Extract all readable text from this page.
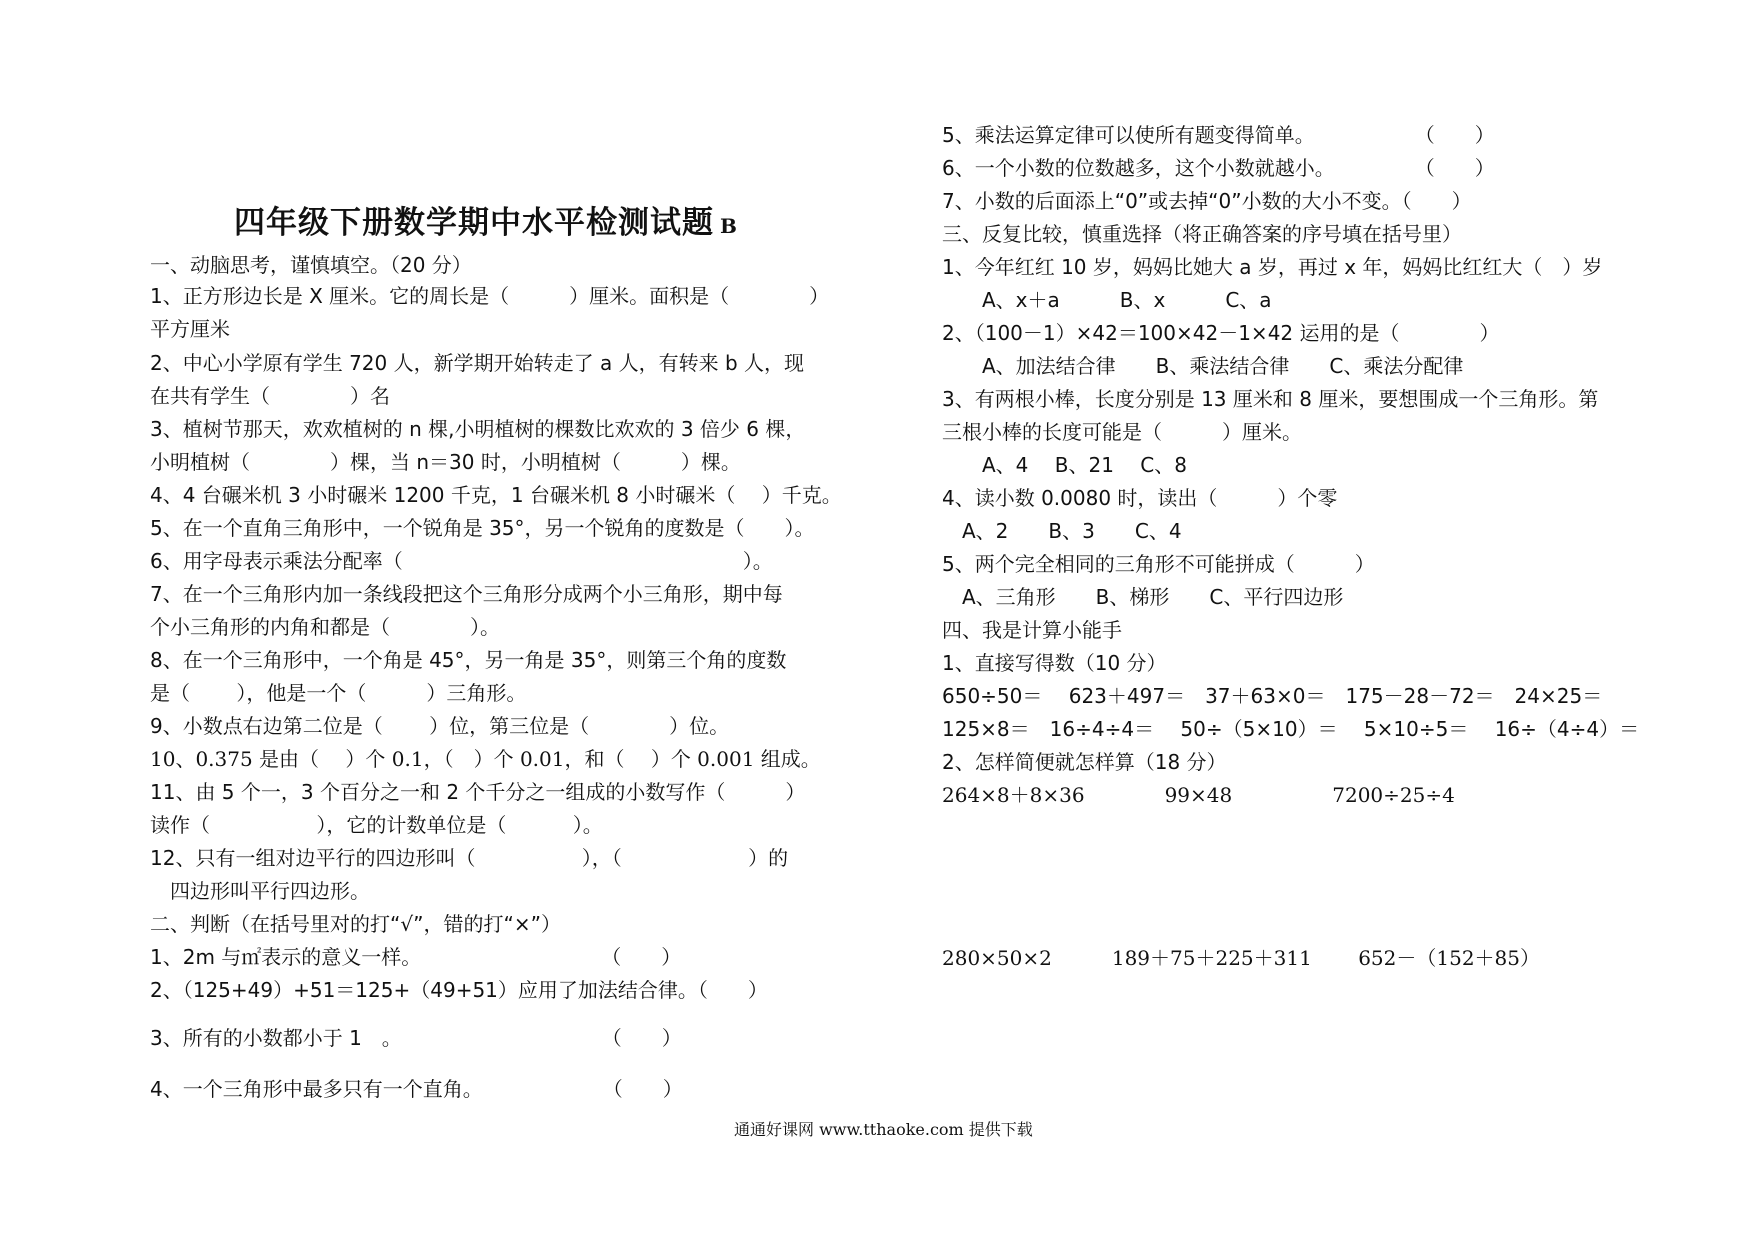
四年级下册数学期中水平检测试题 B
一、动脑思考，谨慎填空。（20 分）
1、正方形边长是 X 厘米。它的周长是（　　　）厘米。面积是（　　　　）
平方厘米
2、中心小学原有学生 720 人，新学期开始转走了 a 人，有转来 b 人，现
在共有学生（　　　　）名
3、植树节那天，欢欢植树的 n 棵,小明植树的棵数比欢欢的 3 倍少 6 棵，
小明植树（　　　　）棵，当 n＝30 时，小明植树（　　　）棵。
4、4 台碾米机 3 小时碾米 1200 千克，1 台碾米机 8 小时碾米（　 ）千克。
5、在一个直角三角形中，一个锐角是 35°，另一个锐角的度数是（　　）。
6、用字母表示乘法分配率（　　　　　　　　　　　　　　　　　）。
7、在一个三角形内加一条线段把这个三角形分成两个小三角形，期中每
个小三角形的内角和都是（　　　　）。
8、在一个三角形中，一个角是 45°，另一角是 35°，则第三个角的度数
是（　　 ），他是一个（　　　）三角形。
9、小数点右边第二位是（　　 ）位，第三位是（　　　　）位。
10、0.375 是由（　 ）个 0.1，（　）个 0.01，和（　 ）个 0.001 组成。
11、由 5 个一，3 个百分之一和 2 个千分之一组成的小数写作（　　　）
读作（　　　　　 ），它的计数单位是（　　　 ）。
12、只有一组对边平行的四边形叫（　　　　　 ），（　　　　　　 ）的
　四边形叫平行四边形。
二、判断（在括号里对的打“√”，错的打“×”）
1、2m 与㎡表示的意义一样。　　　　　　　　　　（　　）
2、（125+49）+51＝125+（49+51）应用了加法结合律。（　　）
3、所有的小数都小于 1　。　　　　　　　　　　　（　　）
4、一个三角形中最多只有一个直角。　　　　　　　（　　）
5、乘法运算定律可以使所有题变得简单。　　　　　　（　　）
6、一个小数的位数越多，这个小数就越小。　　　　　（　　）
7、小数的后面添上“0”或去掉“0”小数的大小不变。（　　）
三、反复比较，慎重选择（将正确答案的序号填在括号里）
1、今年红红 10 岁，妈妈比她大 a 岁，再过 x 年，妈妈比红红大（　）岁
　　A、x＋a　　　B、x　　　C、a
2、（100－1）×42＝100×42－1×42 运用的是（　　　　）
　　A、加法结合律　　B、乘法结合律　　C、乘法分配律
3、有两根小棒，长度分别是 13 厘米和 8 厘米，要想围成一个三角形。第
三根小棒的长度可能是（　　　）厘米。
　　A、4　 B、21　 C、8
4、读小数 0.0080 时，读出（　　　）个零
　A、2　　B、3　　C、4
5、两个完全相同的三角形不可能拼成（　　　）
　A、三角形　　B、梯形　　C、平行四边形
四、我是计算小能手
1、直接写得数（10 分）
650÷50＝　 623＋497＝　37＋63×0＝　175－28－72＝　24×25＝
125×8＝　16÷4÷4＝　 50÷（5×10）＝　 5×10÷5＝　 16÷（4÷4）＝
2、怎样简便就怎样算（18 分）
264×8＋8×36　　　　99×48　　　　　7200÷25÷4
280×50×2　　　189＋75＋225＋311　　 652－（152＋85）
通通好课网 www.tthaoke.com 提供下载
